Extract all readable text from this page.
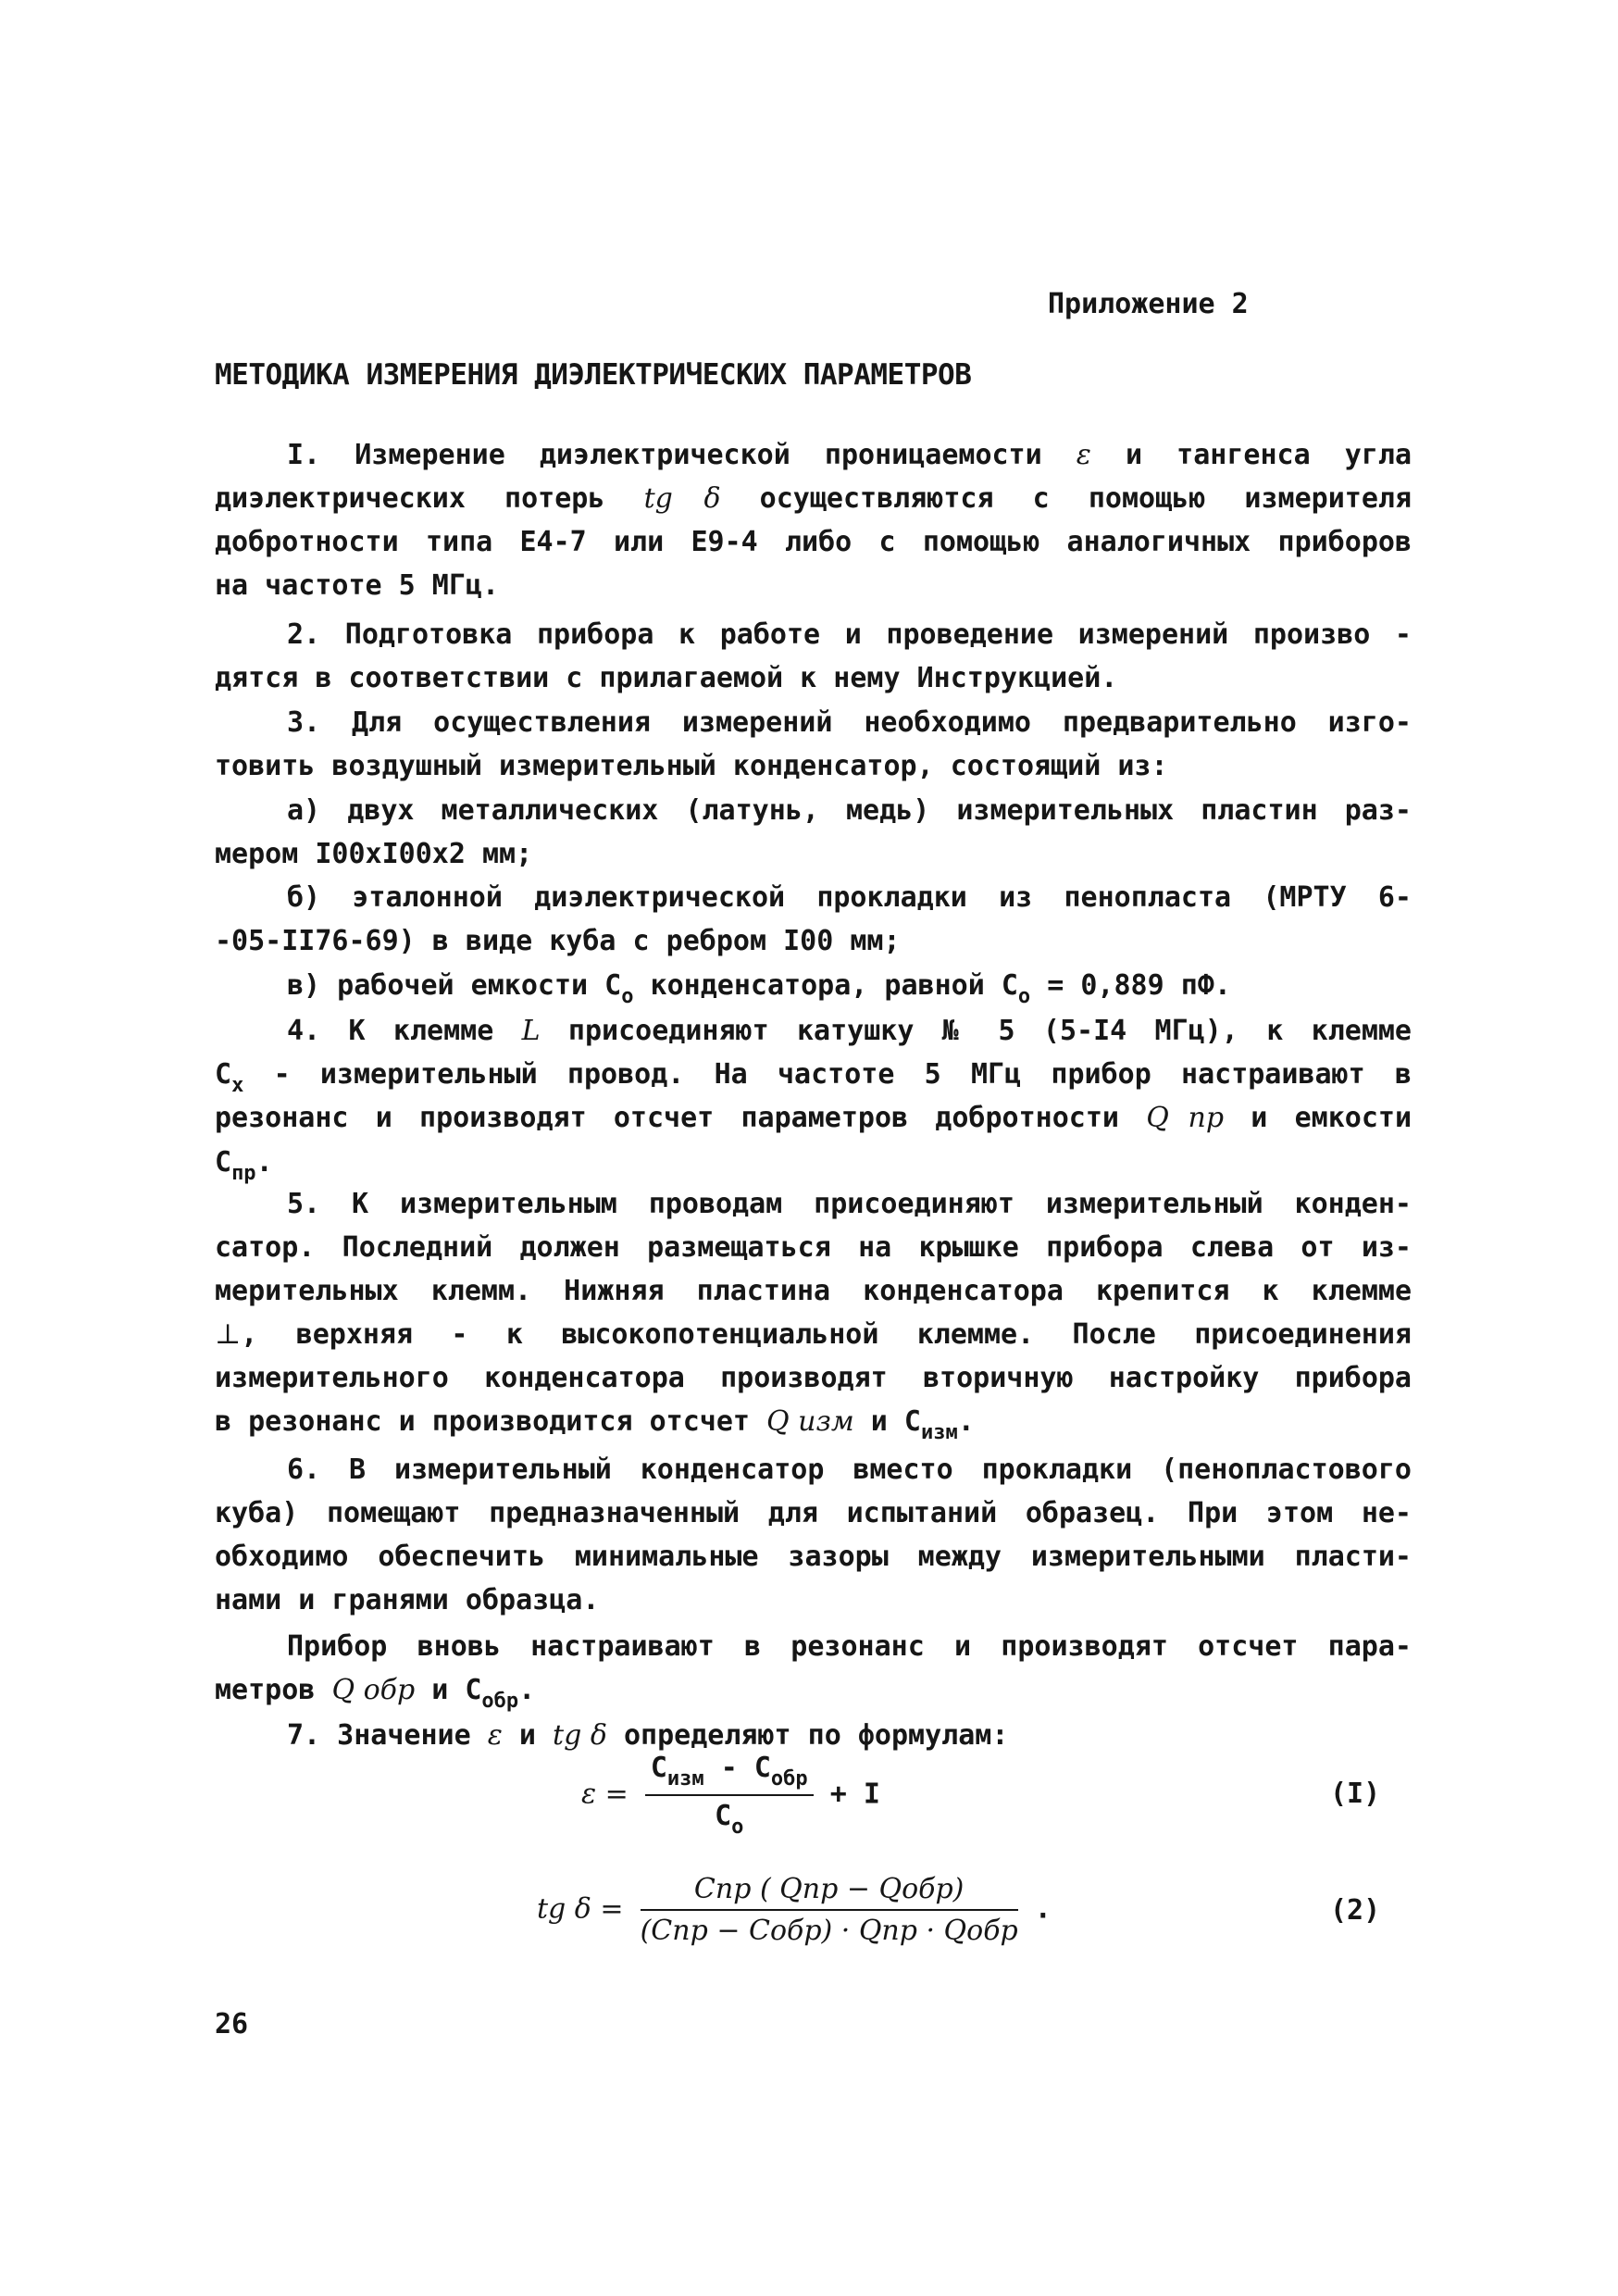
Приложение 2
МЕТОДИКА ИЗМЕРЕНИЯ ДИЭЛЕКТРИЧЕСКИХ ПАРАМЕТРОВ
I. Измерение диэлектрической проницаемости ε и тангенса угла
диэлектрических потерь tg δ осуществляются с помощью измерителя
добротности типа Е4-7 или Е9-4 либо с помощью аналогичных приборов
на частоте 5 МГц.
2. Подготовка прибора к работе и проведение измерений произво -
дятся в соответствии с прилагаемой к нему Инструкцией.
3. Для осуществления измерений необходимо предварительно изго-
товить воздушный измерительный конденсатор, состоящий из:
а) двух металлических (латунь, медь) измерительных пластин раз-
мером I00xI00x2 мм;
б) эталонной диэлектрической прокладки из пенопласта (МРТУ 6-
-05-II76-69) в виде куба с ребром I00 мм;
в) рабочей емкости $С_о$ конденсатора, равной $С_о = 0,889$ пФ.
4. К клемме L присоединяют катушку № 5 (5-I4 МГц), к клемме
$С_х$ - измерительный провод. На частоте 5 МГц прибор настраивают в
резонанс и производят отсчет параметров добротности Q пр и емкости
$С_{пр}$.
5. К измерительным проводам присоединяют измерительный конден-
сатор. Последний должен размещаться на крышке прибора слева от из-
мерительных клемм. Нижняя пластина конденсатора крепится к клемме
⊥, верхняя - к высокопотенциальной клемме. После присоединения
измерительного конденсатора производят вторичную настройку прибора
в резонанс и производится отсчет Q изм и $С_{изм}$.
6. В измерительный конденсатор вместо прокладки (пенопластового
куба) помещают предназначенный для испытаний образец. При этом не-
обходимо обеспечить минимальные зазоры между измерительными пласти-
нами и гранями образца.
Прибор вновь настраивают в резонанс и производят отсчет пара-
метров Q обр и $С_{обр}$.
7. Значение ε и tg δ определяют по формулам:
$\varepsilon = \frac{С_{изм} - С_{обр}}{С_о} + I$	(I)
tg $\delta = \frac{\text{Cпр ( Qпр − Qобр)}}{\text{(Cпр − Cобр) · Qпр · Qобр}}$ .	(2)
26
